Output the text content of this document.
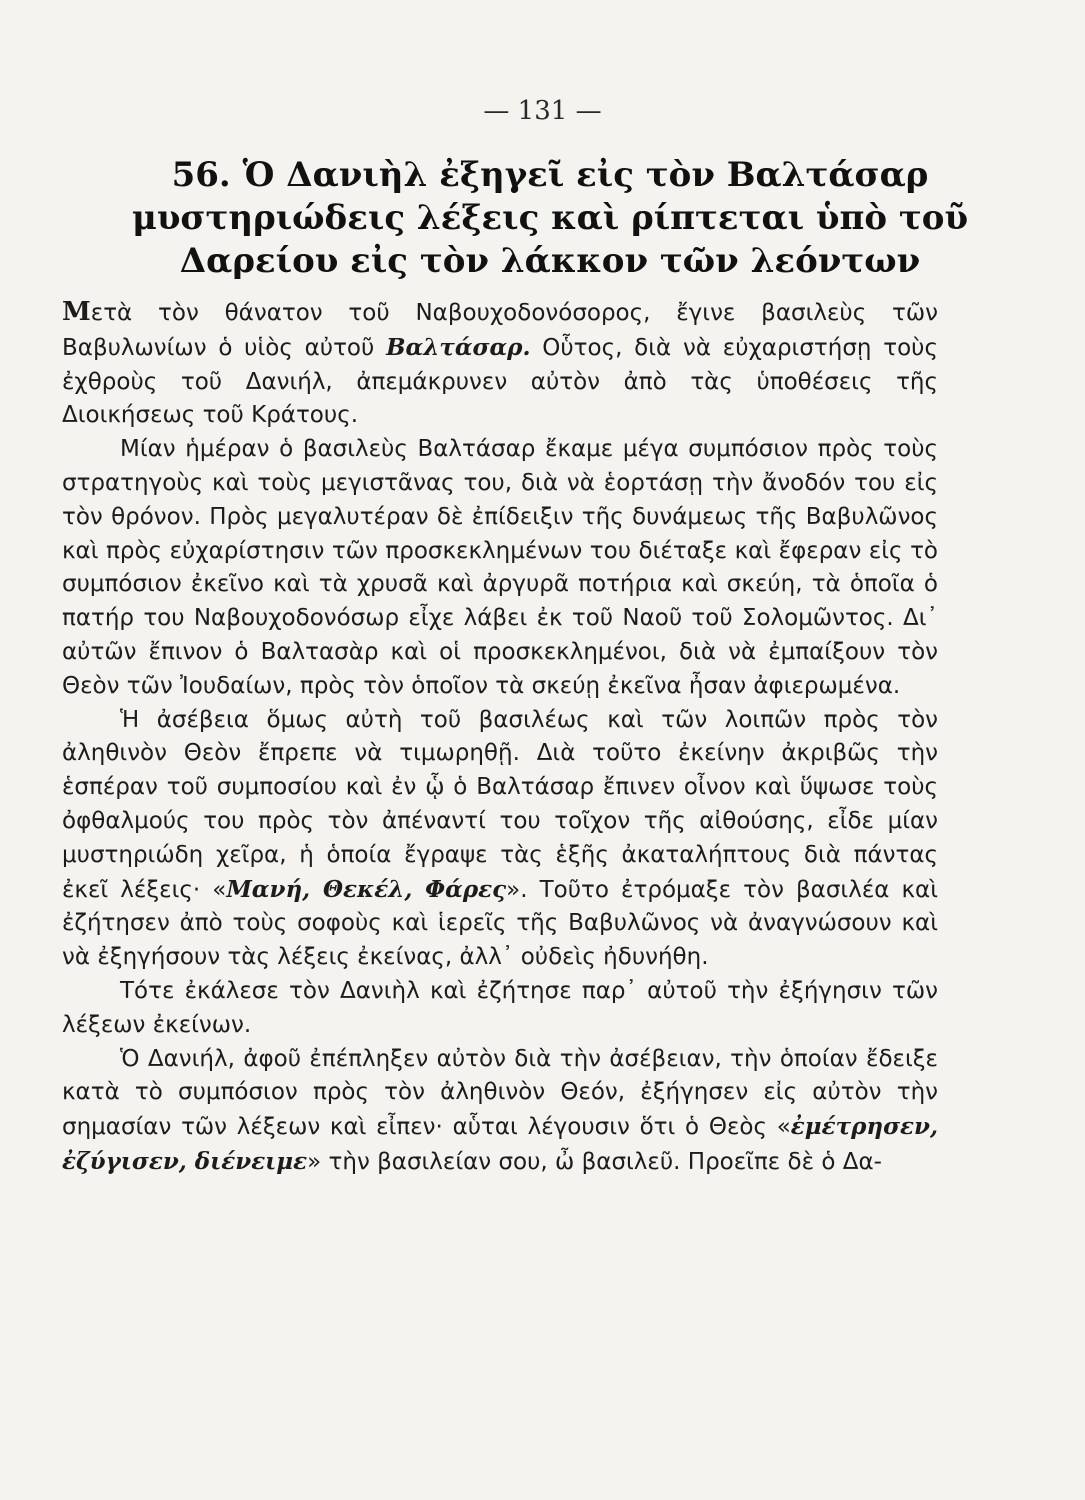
— 131 —
56. Ὁ Δανιὴλ ἐξηγεῖ εἰς τὸν Βαλτάσαρ μυστηριώδεις λέξεις καὶ ρίπτεται ὑπὸ τοῦ Δαρείου εἰς τὸν λάκκον τῶν λεόντων

Μετὰ τὸν θάνατον τοῦ Ναβουχοδονόσορος, ἔγινε βασιλεὺς τῶν Βαβυλωνίων ὁ υἱὸς αὐτοῦ Βαλτάσαρ. Οὗτος, διὰ νὰ εὐχαριστήσῃ τοὺς ἐχθροὺς τοῦ Δανιήλ, ἀπεμάκρυνεν αὐτὸν ἀπὸ τὰς ὑποθέσεις τῆς Διοικήσεως τοῦ Κράτους.

Μίαν ἡμέραν ὁ βασιλεὺς Βαλτάσαρ ἔκαμε μέγα συμπόσιον πρὸς τοὺς στρατηγοὺς καὶ τοὺς μεγιστᾶνας του, διὰ νὰ ἑορτάσῃ τὴν ἄνοδόν του εἰς τὸν θρόνον. Πρὸς μεγαλυτέραν δὲ ἐπίδειξιν τῆς δυνάμεως τῆς Βαβυλῶνος καὶ πρὸς εὐχαρίστησιν τῶν προσκεκλημένων του διέταξε καὶ ἔφεραν εἰς τὸ συμπόσιον ἐκεῖνο καὶ τὰ χρυσᾶ καὶ ἀργυρᾶ ποτήρια καὶ σκεύη, τὰ ὁποῖα ὁ πατήρ του Ναβουχοδονόσωρ εἶχε λάβει ἐκ τοῦ Ναοῦ τοῦ Σολομῶντος. Δι᾿ αὐτῶν ἔπινον ὁ Βαλτασὰρ καὶ οἱ προσκεκλημένοι, διὰ νὰ ἐμπαίξουν τὸν Θεὸν τῶν Ἰουδαίων, πρὸς τὸν ὁποῖον τὰ σκεύῃ ἐκεῖνα ἦσαν ἀφιερωμένα.

Ἡ ἀσέβεια ὅμως αὐτὴ τοῦ βασιλέως καὶ τῶν λοιπῶν πρὸς τὸν ἀληθινὸν Θεὸν ἔπρεπε νὰ τιμωρηθῇ. Διὰ τοῦτο ἐκείνην ἀκριβῶς τὴν ἑσπέραν τοῦ συμποσίου καὶ ἐν ᾧ ὁ Βαλτάσαρ ἔπινεν οἶνον καὶ ὕψωσε τοὺς ὀφθαλμούς του πρὸς τὸν ἀπέναντί του τοῖχον τῆς αἰθούσης, εἶδε μίαν μυστηριώδη χεῖρα, ἡ ὁποία ἔγραψε τὰς ἑξῆς ἀκαταλήπτους διὰ πάντας ἐκεῖ λέξεις· «Μανή, Θεκέλ, Φάρες». Τοῦτο ἐτρόμαξε τὸν βασιλέα καὶ ἐζήτησεν ἀπὸ τοὺς σοφοὺς καὶ ἱερεῖς τῆς Βαβυλῶνος νὰ ἀναγνώσουν καὶ νὰ ἐξηγήσουν τὰς λέξεις ἐκείνας, ἀλλ᾿ οὐδεὶς ἠδυνήθη.

Τότε ἐκάλεσε τὸν Δανιὴλ καὶ ἐζήτησε παρ᾿ αὐτοῦ τὴν ἐξήγησιν τῶν λέξεων ἐκείνων.

Ὁ Δανιήλ, ἀφοῦ ἐπέπληξεν αὐτὸν διὰ τὴν ἀσέβειαν, τὴν ὁποίαν ἔδειξε κατὰ τὸ συμπόσιον πρὸς τὸν ἀληθινὸν Θεόν, ἐξήγησεν εἰς αὐτὸν τὴν σημασίαν τῶν λέξεων καὶ εἶπεν· αὗται λέγουσιν ὅτι ὁ Θεὸς «ἐμέτρησεν, ἐζύγισεν, διένειμε» τὴν βασιλείαν σου, ὦ βασιλεῦ. Προεῖπε δὲ ὁ Δα-
